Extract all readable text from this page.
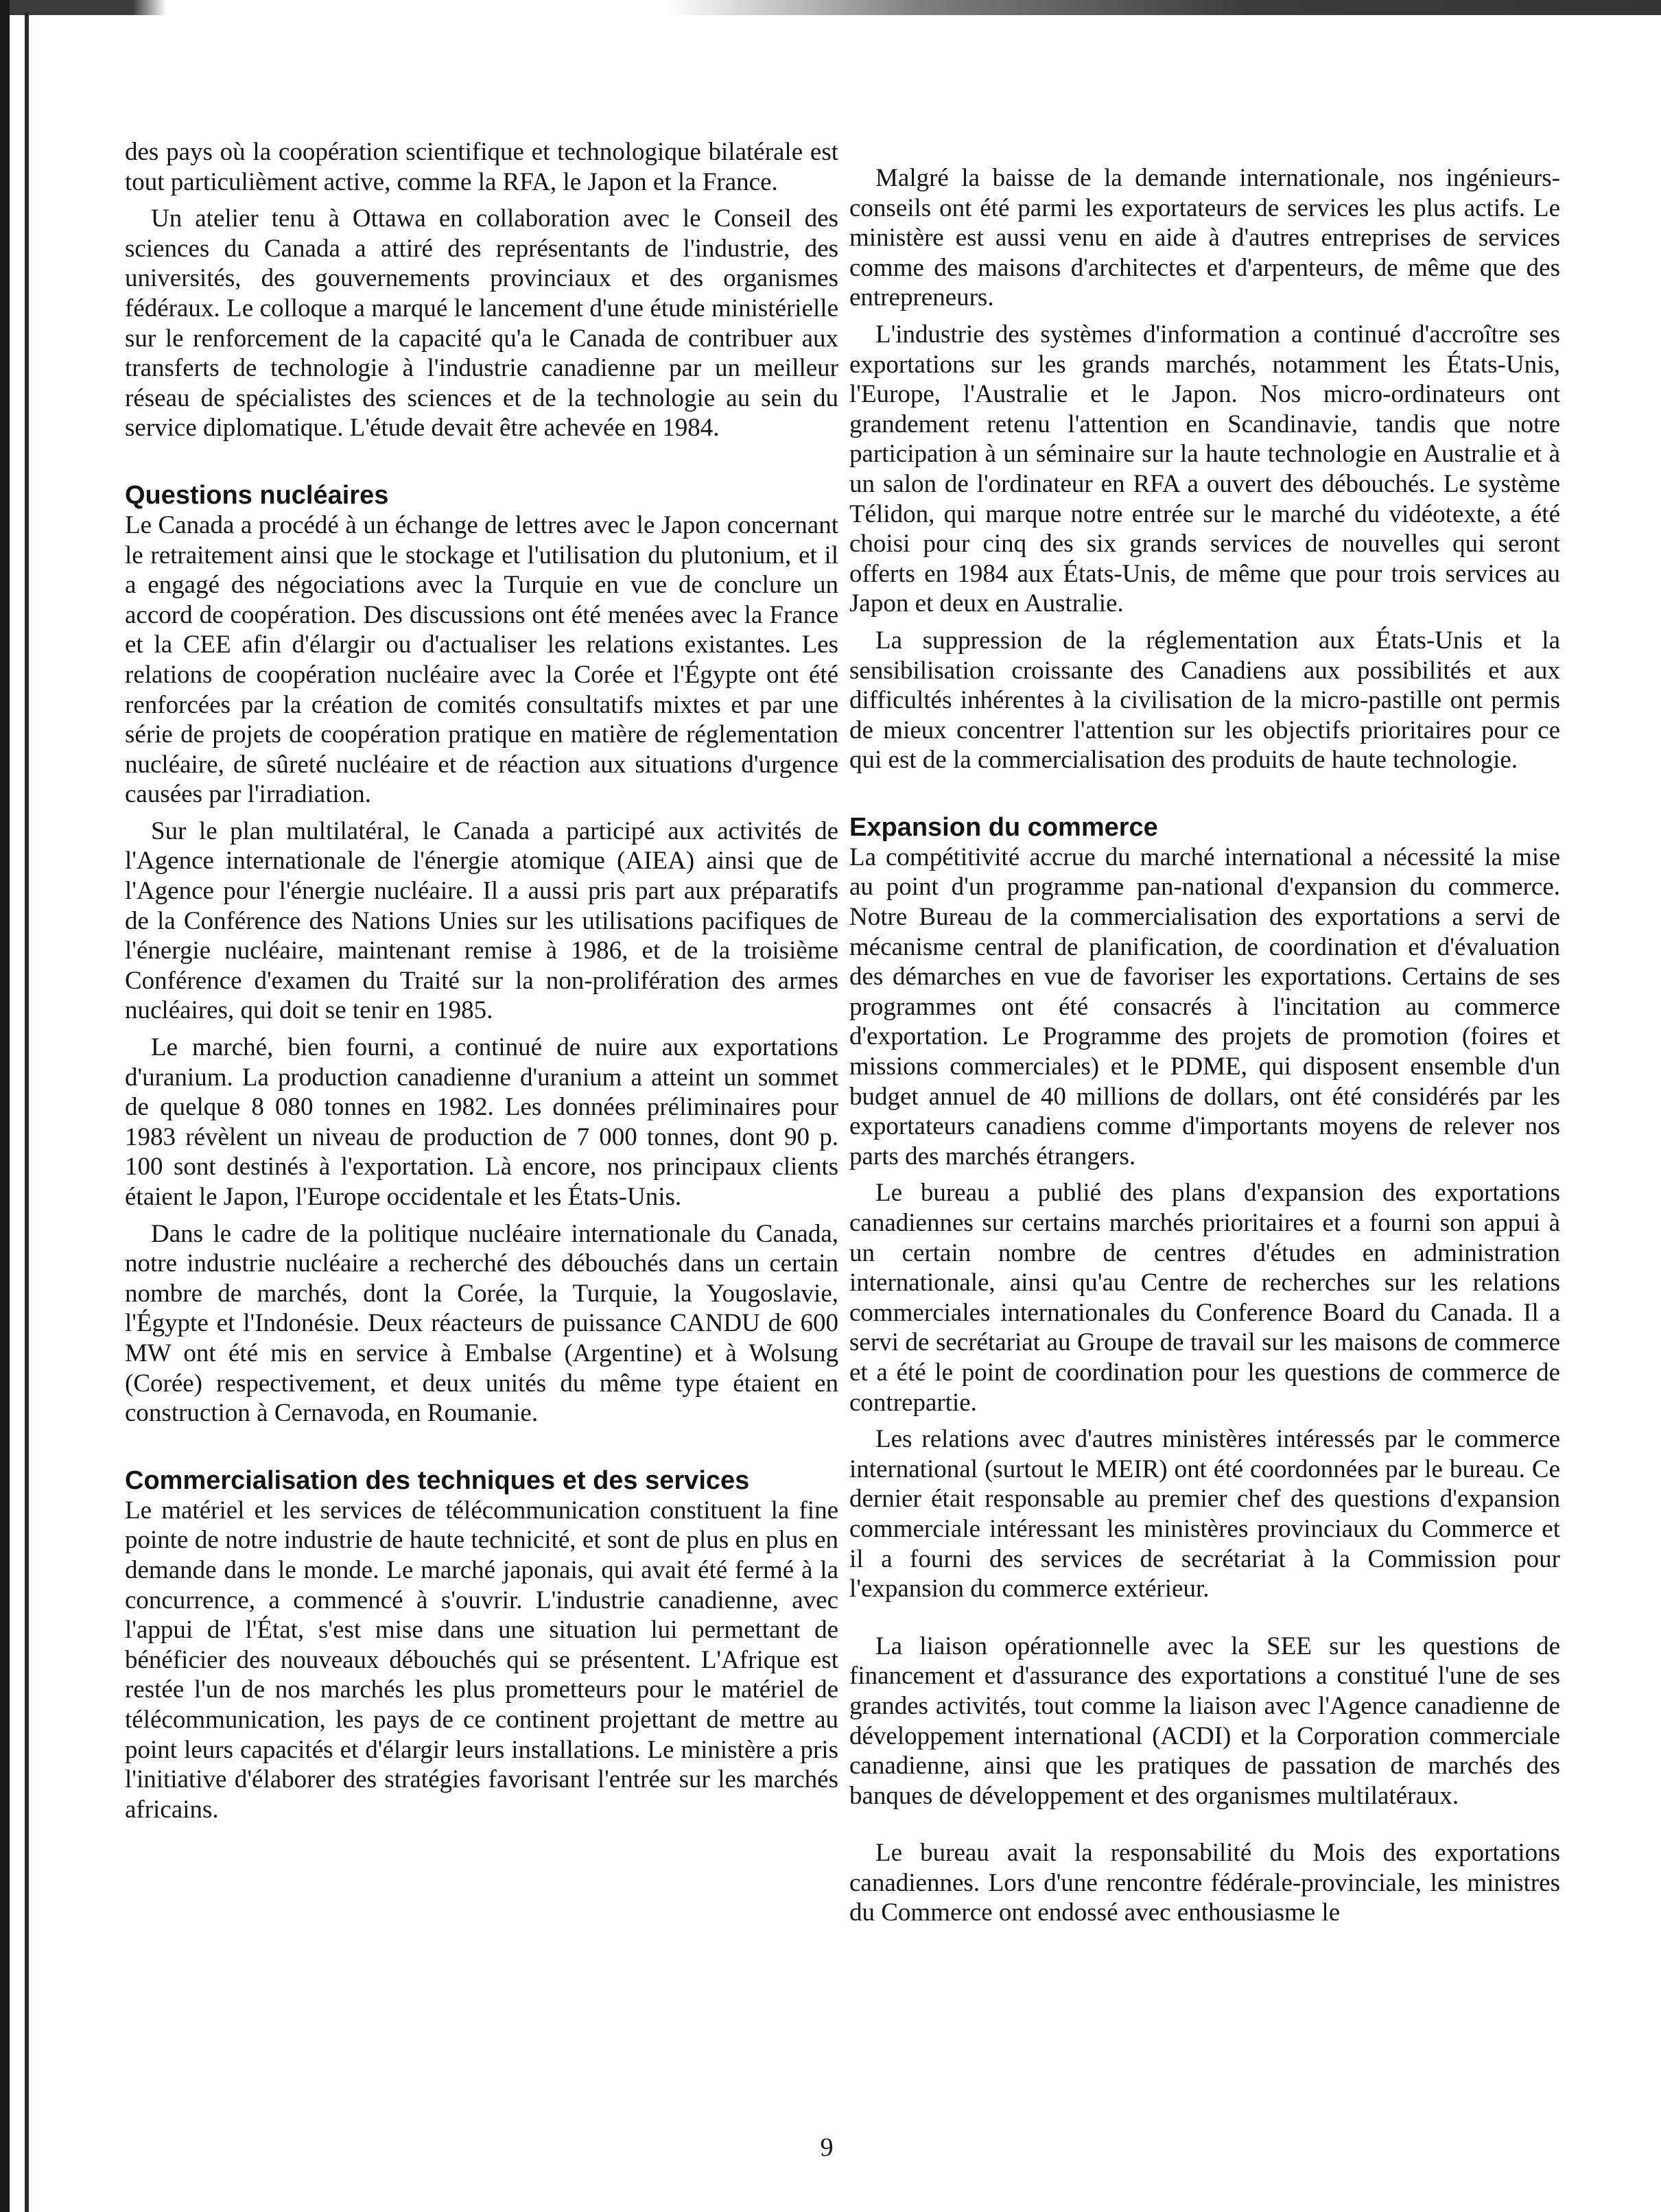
des pays où la coopération scientifique et technologique bilatérale est tout particulièment active, comme la RFA, le Japon et la France.

Un atelier tenu à Ottawa en collaboration avec le Conseil des sciences du Canada a attiré des représentants de l'industrie, des universités, des gouvernements provinciaux et des organismes fédéraux. Le colloque a marqué le lancement d'une étude ministérielle sur le renforcement de la capacité qu'a le Canada de contribuer aux transferts de technologie à l'industrie canadienne par un meilleur réseau de spécialistes des sciences et de la technologie au sein du service diplomatique. L'étude devait être achevée en 1984.

Questions nucléaires

Le Canada a procédé à un échange de lettres avec le Japon concernant le retraitement ainsi que le stockage et l'utilisation du plutonium, et il a engagé des négociations avec la Turquie en vue de conclure un accord de coopération. Des discussions ont été menées avec la France et la CEE afin d'élargir ou d'actualiser les relations existantes. Les relations de coopération nucléaire avec la Corée et l'Égypte ont été renforcées par la création de comités consultatifs mixtes et par une série de projets de coopération pratique en matière de réglementation nucléaire, de sûreté nucléaire et de réaction aux situations d'urgence causées par l'irradiation.

Sur le plan multilatéral, le Canada a participé aux activités de l'Agence internationale de l'énergie atomique (AIEA) ainsi que de l'Agence pour l'énergie nucléaire. Il a aussi pris part aux préparatifs de la Conférence des Nations Unies sur les utilisations pacifiques de l'énergie nucléaire, maintenant remise à 1986, et de la troisième Conférence d'examen du Traité sur la non-prolifération des armes nucléaires, qui doit se tenir en 1985.

Le marché, bien fourni, a continué de nuire aux exportations d'uranium. La production canadienne d'uranium a atteint un sommet de quelque 8 080 tonnes en 1982. Les données préliminaires pour 1983 révèlent un niveau de production de 7 000 tonnes, dont 90 p. 100 sont destinés à l'exportation. Là encore, nos principaux clients étaient le Japon, l'Europe occidentale et les États-Unis.

Dans le cadre de la politique nucléaire internationale du Canada, notre industrie nucléaire a recherché des débouchés dans un certain nombre de marchés, dont la Corée, la Turquie, la Yougoslavie, l'Égypte et l'Indonésie. Deux réacteurs de puissance CANDU de 600 MW ont été mis en service à Embalse (Argentine) et à Wolsung (Corée) respectivement, et deux unités du même type étaient en construction à Cernavoda, en Roumanie.

Commercialisation des techniques et des services

Le matériel et les services de télécommunication constituent la fine pointe de notre industrie de haute technicité, et sont de plus en plus en demande dans le monde. Le marché japonais, qui avait été fermé à la concurrence, a commencé à s'ouvrir. L'industrie canadienne, avec l'appui de l'État, s'est mise dans une situation lui permettant de bénéficier des nouveaux débouchés qui se présentent. L'Afrique est restée l'un de nos marchés les plus prometteurs pour le matériel de télécommunication, les pays de ce continent projettant de mettre au point leurs capacités et d'élargir leurs installations. Le ministère a pris l'initiative d'élaborer des stratégies favorisant l'entrée sur les marchés africains.

Malgré la baisse de la demande internationale, nos ingénieurs-conseils ont été parmi les exportateurs de services les plus actifs. Le ministère est aussi venu en aide à d'autres entreprises de services comme des maisons d'architectes et d'arpenteurs, de même que des entrepreneurs.

L'industrie des systèmes d'information a continué d'accroître ses exportations sur les grands marchés, notamment les États-Unis, l'Europe, l'Australie et le Japon. Nos micro-ordinateurs ont grandement retenu l'attention en Scandinavie, tandis que notre participation à un séminaire sur la haute technologie en Australie et à un salon de l'ordinateur en RFA a ouvert des débouchés. Le système Télidon, qui marque notre entrée sur le marché du vidéotexte, a été choisi pour cinq des six grands services de nouvelles qui seront offerts en 1984 aux États-Unis, de même que pour trois services au Japon et deux en Australie.

La suppression de la réglementation aux États-Unis et la sensibilisation croissante des Canadiens aux possibilités et aux difficultés inhérentes à la civilisation de la micro-pastille ont permis de mieux concentrer l'attention sur les objectifs prioritaires pour ce qui est de la commercialisation des produits de haute technologie.

Expansion du commerce

La compétitivité accrue du marché international a nécessité la mise au point d'un programme pan-national d'expansion du commerce. Notre Bureau de la commercialisation des exportations a servi de mécanisme central de planification, de coordination et d'évaluation des démarches en vue de favoriser les exportations. Certains de ses programmes ont été consacrés à l'incitation au commerce d'exportation. Le Programme des projets de promotion (foires et missions commerciales) et le PDME, qui disposent ensemble d'un budget annuel de 40 millions de dollars, ont été considérés par les exportateurs canadiens comme d'importants moyens de relever nos parts des marchés étrangers.

Le bureau a publié des plans d'expansion des exportations canadiennes sur certains marchés prioritaires et a fourni son appui à un certain nombre de centres d'études en administration internationale, ainsi qu'au Centre de recherches sur les relations commerciales internationales du Conference Board du Canada. Il a servi de secrétariat au Groupe de travail sur les maisons de commerce et a été le point de coordination pour les questions de commerce de contrepartie.

Les relations avec d'autres ministères intéressés par le commerce international (surtout le MEIR) ont été coordonnées par le bureau. Ce dernier était responsable au premier chef des questions d'expansion commerciale intéressant les ministères provinciaux du Commerce et il a fourni des services de secrétariat à la Commission pour l'expansion du commerce extérieur.

La liaison opérationnelle avec la SEE sur les questions de financement et d'assurance des exportations a constitué l'une de ses grandes activités, tout comme la liaison avec l'Agence canadienne de développement international (ACDI) et la Corporation commerciale canadienne, ainsi que les pratiques de passation de marchés des banques de développement et des organismes multilatéraux.

Le bureau avait la responsabilité du Mois des exportations canadiennes. Lors d'une rencontre fédérale-provinciale, les ministres du Commerce ont endossé avec enthousiasme le

9
